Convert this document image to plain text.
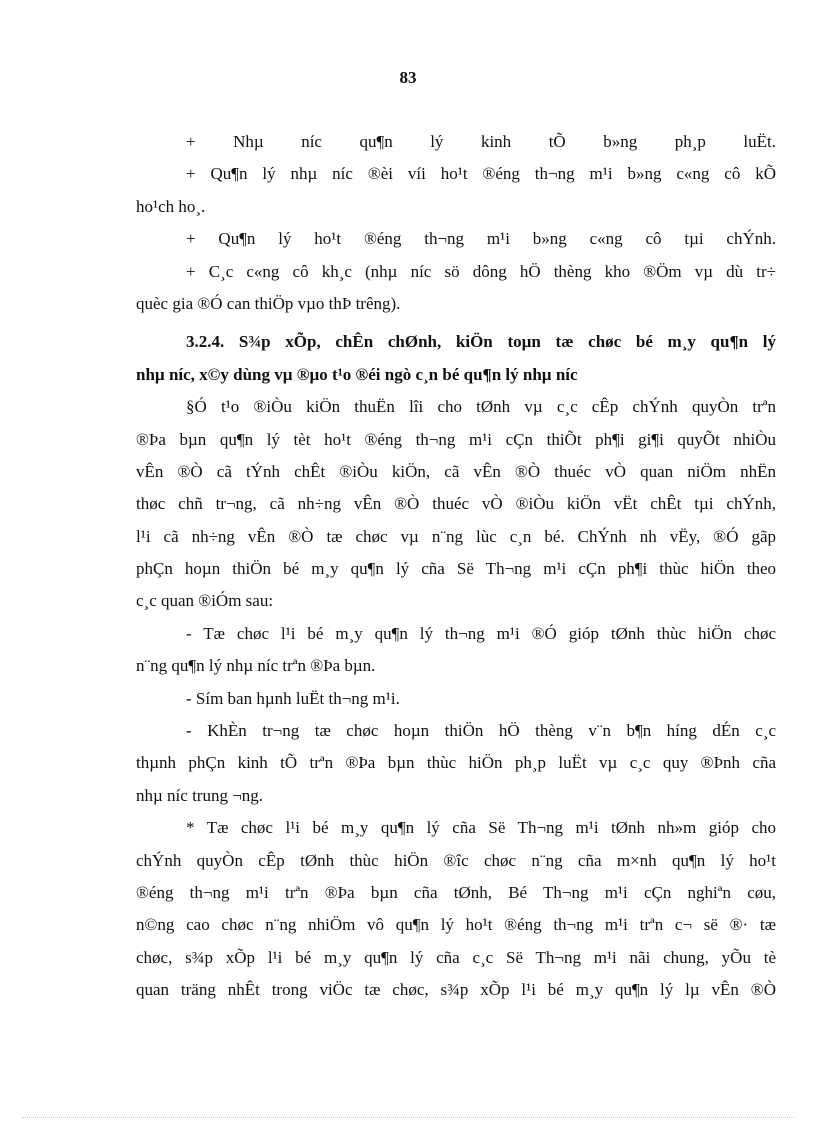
83
+ Nhµ níc qu¶n lý kinh tÕ b»ng ph¸p luËt.
+ Qu¶n lý nhµ níc ®èi víi ho¹t ®éng th¬ng m¹i b»ng c«ng cô kÕ
ho¹ch ho¸.
+ Qu¶n lý ho¹t ®éng th¬ng m¹i b»ng c«ng cô tµi chÝnh.
+ C¸c c«ng cô kh¸c (nhµ níc sö dông hÖ thèng kho ®Öm vµ dù tr÷
quèc gia ®Ó can thiÖp vµo thÞ trêng).
3.2.4. S¾p xÕp, chÊn chØnh, kiÖn toµn tæ chøc bé m¸y qu¶n lý
nhµ níc, x©y dùng vµ ®µo t¹o ®éi ngò c¸n bé qu¶n lý nhµ níc
§Ó t¹o ®iÒu kiÖn thuËn lîi cho tØnh vµ c¸c cÊp chÝnh quyÒn trªn
®Þa bµn qu¶n lý tèt ho¹t ®éng th¬ng m¹i cÇn thiÕt ph¶i gi¶i quyÕt nhiÒu
vÊn ®Ò cã tÝnh chÊt ®iÒu kiÖn, cã vÊn ®Ò thuéc vÒ quan niÖm nhËn
thøc chñ tr¬ng, cã nh÷ng vÊn ®Ò thuéc vÒ ®iÒu kiÖn vËt chÊt tµi chÝnh,
l¹i cã nh÷ng vÊn ®Ò tæ chøc vµ n¨ng lùc c¸n bé. ChÝnh nh vËy, ®Ó gãp
phÇn hoµn thiÖn bé m¸y qu¶n lý cña Së Th¬ng m¹i cÇn ph¶i thùc hiÖn theo
c¸c quan ®iÓm sau:
- Tæ chøc l¹i bé m¸y qu¶n lý th¬ng m¹i ®Ó gióp tØnh thùc hiÖn chøc
n¨ng qu¶n lý nhµ níc trªn ®Þa bµn.
- Sím ban hµnh luËt th¬ng m¹i.
- KhÈn tr¬ng tæ chøc hoµn thiÖn hÖ thèng v¨n b¶n híng dÉn c¸c
thµnh phÇn kinh tÕ trªn ®Þa bµn thùc hiÖn ph¸p luËt vµ c¸c quy ®Þnh cña
nhµ níc trung ¬ng.
* Tæ chøc l¹i bé m¸y qu¶n lý cña Së Th¬ng m¹i tØnh nh»m gióp cho
chÝnh quyÒn cÊp tØnh thùc hiÖn ®îc chøc n¨ng cña m×nh qu¶n lý ho¹t
®éng th¬ng m¹i trªn ®Þa bµn cña tØnh, Bé Th¬ng m¹i cÇn nghiªn cøu,
n©ng cao chøc n¨ng nhiÖm vô qu¶n lý ho¹t ®éng th¬ng m¹i trªn c¬ së ®· tæ
chøc, s¾p xÕp l¹i bé m¸y qu¶n lý cña c¸c Së Th¬ng m¹i nãi chung, yÕu tè
quan träng nhÊt trong viÖc tæ chøc, s¾p xÕp l¹i bé m¸y qu¶n lý lµ vÊn ®Ò
